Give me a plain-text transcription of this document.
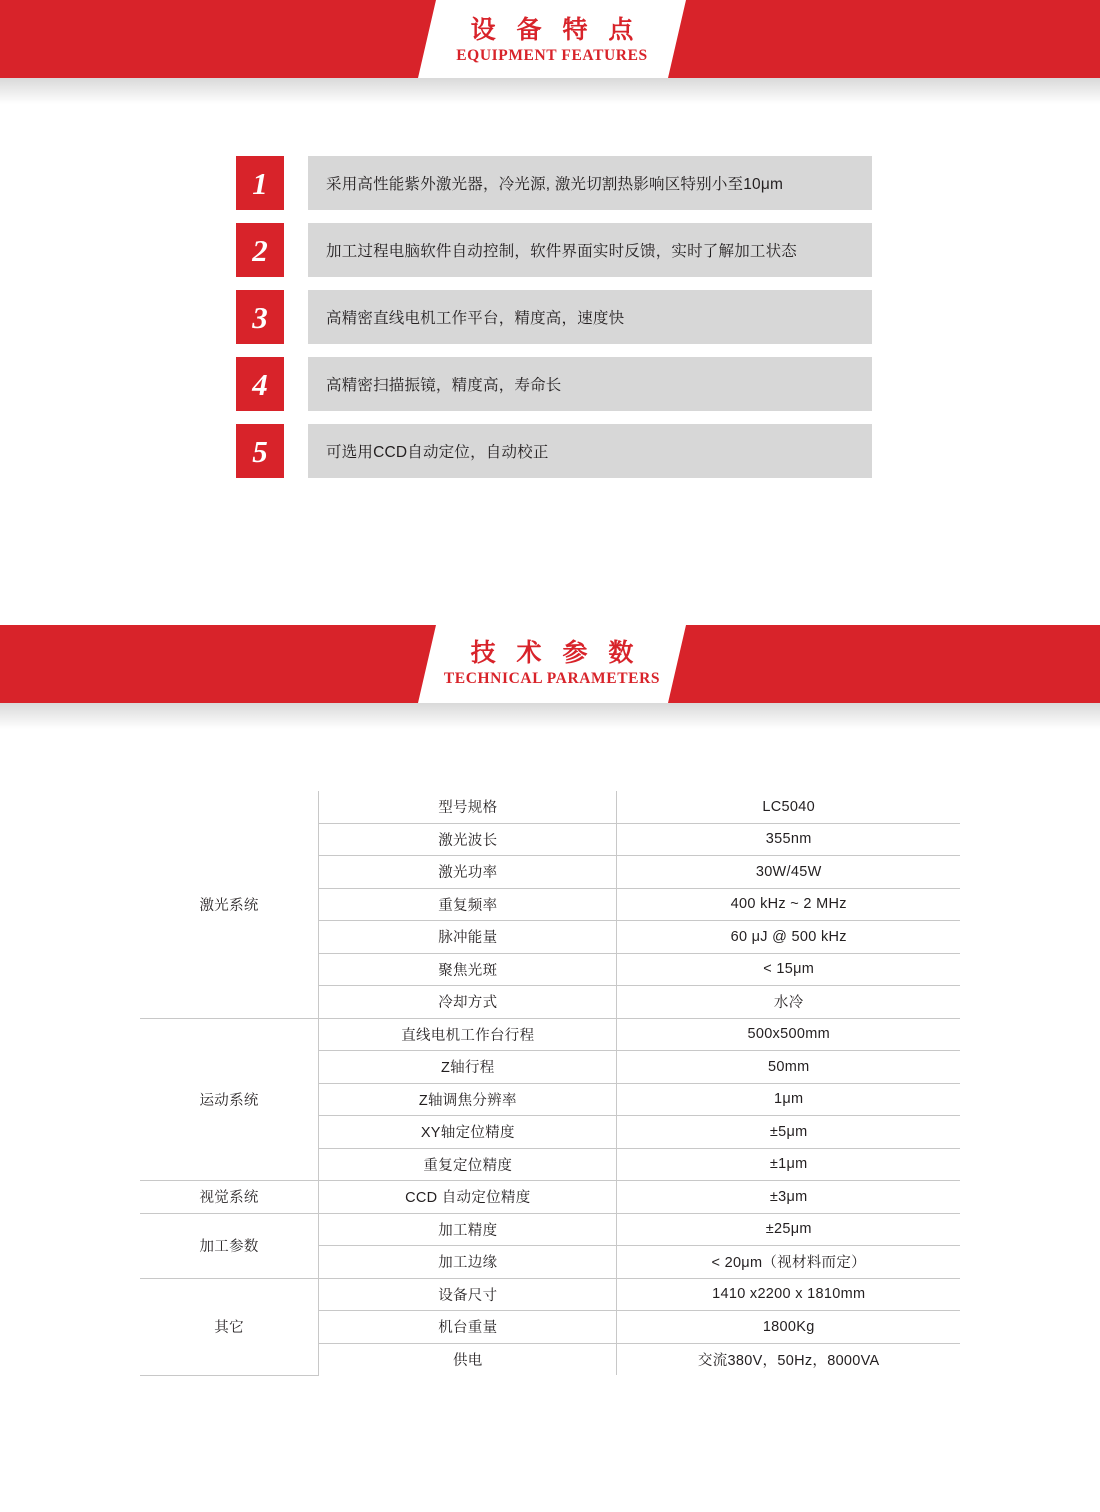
设 备 特 点
EQUIPMENT FEATURES
1	采用高性能紫外激光器，冷光源, 激光切割热影响区特别小至10μm
2	加工过程电脑软件自动控制，软件界面实时反馈，实时了解加工状态
3	高精密直线电机工作平台，精度高，速度快
4	高精密扫描振镜，精度高，寿命长
5	可选用CCD自动定位，自动校正
技 术 参 数
TECHNICAL PARAMETERS
激光系统	型号规格	LC5040
	激光波长	355nm
	激光功率	30W/45W
	重复频率	400 kHz ~ 2 MHz
	脉冲能量	60 μJ @ 500 kHz
	聚焦光斑	< 15μm
	冷却方式	水冷
运动系统	直线电机工作台行程	500x500mm
	Z轴行程	50mm
	Z轴调焦分辨率	1μm
	XY轴定位精度	±5μm
	重复定位精度	±1μm
视觉系统	CCD 自动定位精度	±3μm
加工参数	加工精度	±25μm
	加工边缘	< 20μm（视材料而定）
其它	设备尺寸	1410 x2200 x 1810mm
	机台重量	1800Kg
	供电	交流380V，50Hz，8000VA
